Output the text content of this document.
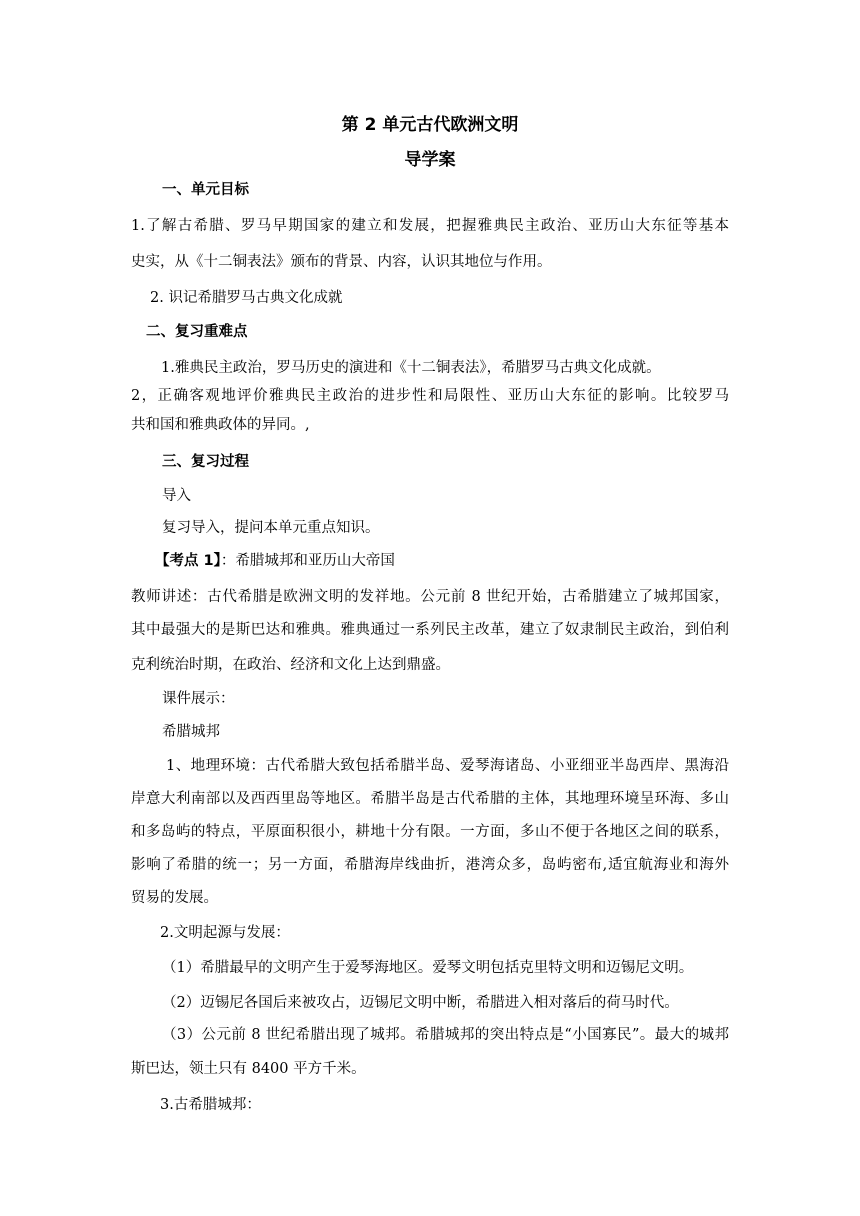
第 2 单元古代欧洲文明
导学案
一、单元目标
1.了解古希腊、罗马早期国家的建立和发展，把握雅典民主政治、亚历山大东征等基本
史实，从《十二铜表法》颁布的背景、内容，认识其地位与作用。
2. 识记希腊罗马古典文化成就
二、复习重难点
1.雅典民主政治，罗马历史的演进和《十二铜表法》，希腊罗马古典文化成就。
2，正确客观地评价雅典民主政治的进步性和局限性、亚历山大东征的影响。比较罗马
共和国和雅典政体的异同。,
三、复习过程
导入
复习导入，提问本单元重点知识。
【考点 1】：希腊城邦和亚历山大帝国
教师讲述：古代希腊是欧洲文明的发祥地。公元前 8 世纪开始，古希腊建立了城邦国家，
其中最强大的是斯巴达和雅典。雅典通过一系列民主改革，建立了奴隶制民主政治，到伯利
克利统治时期，在政治、经济和文化上达到鼎盛。
课件展示：
希腊城邦
1、地理环境：古代希腊大致包括希腊半岛、爱琴海诸岛、小亚细亚半岛西岸、黑海沿
岸意大利南部以及西西里岛等地区。希腊半岛是古代希腊的主体，其地理环境呈环海、多山
和多岛屿的特点，平原面积很小，耕地十分有限。一方面，多山不便于各地区之间的联系，
影响了希腊的统一；另一方面，希腊海岸线曲折，港湾众多，岛屿密布,适宜航海业和海外
贸易的发展。
2.文明起源与发展：
（1）希腊最早的文明产生于爱琴海地区。爱琴文明包括克里特文明和迈锡尼文明。
（2）迈锡尼各国后来被攻占，迈锡尼文明中断，希腊进入相对落后的荷马时代。
（3）公元前 8 世纪希腊出现了城邦。希腊城邦的突出特点是“小国寡民”。最大的城邦
斯巴达，领土只有 8400 平方千米。
3.古希腊城邦：
